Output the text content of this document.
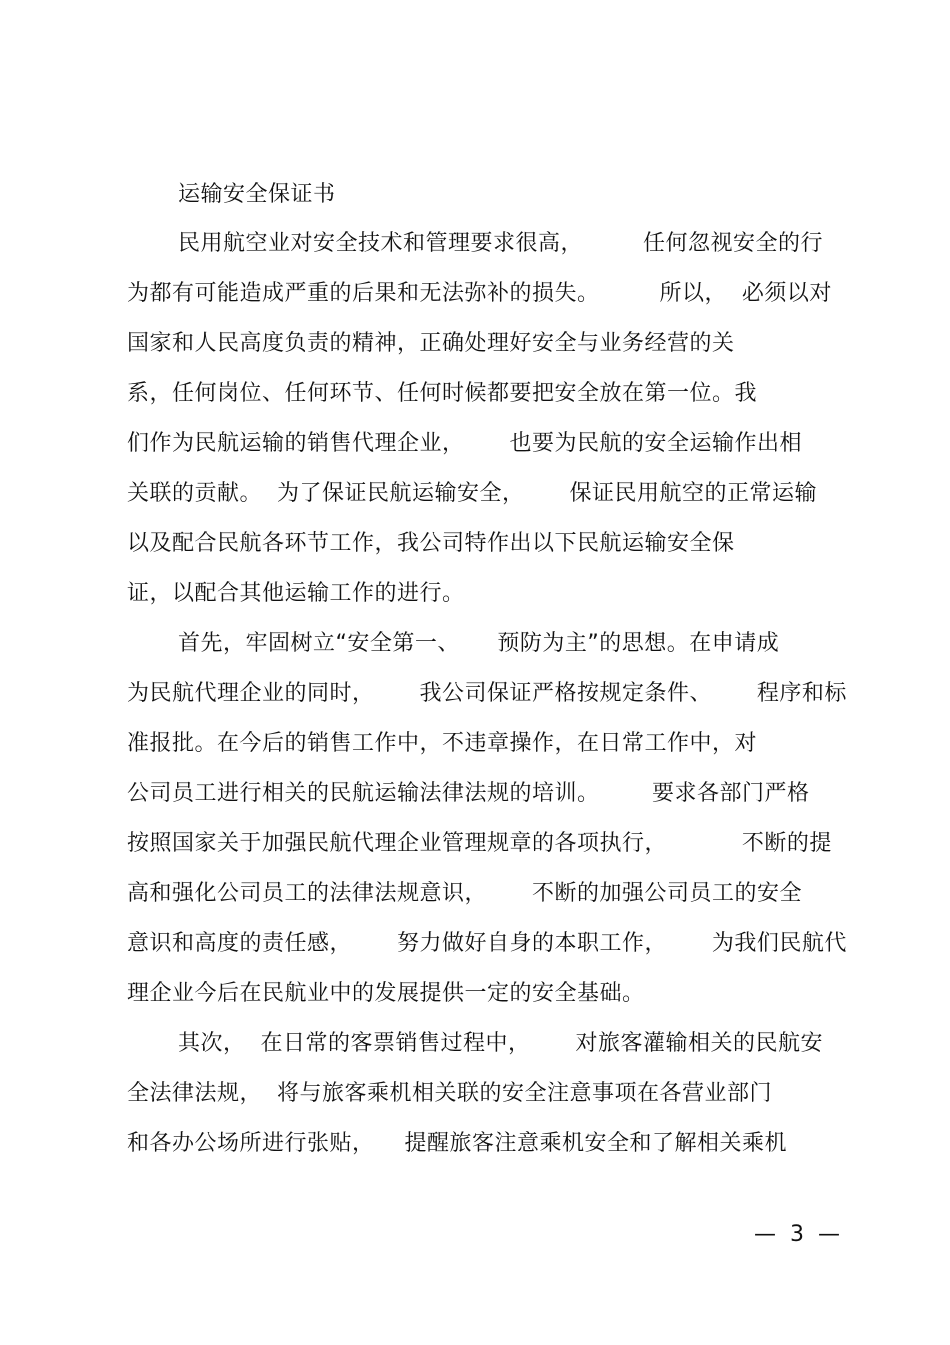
运输安全保证书
民用航空业对安全技术和管理要求很高，        任何忽视安全的行
为都有可能造成严重的后果和无法弥补的损失。        所以，  必须以对
国家和人民高度负责的精神，正确处理好安全与业务经营的关
系，任何岗位、任何环节、任何时候都要把安全放在第一位。我
们作为民航运输的销售代理企业，      也要为民航的安全运输作出相
关联的贡献。  为了保证民航运输安全，      保证民用航空的正常运输
以及配合民航各环节工作，我公司特作出以下民航运输安全保
证，以配合其他运输工作的进行。
首先，牢固树立“安全第一、     预防为主”的思想。在申请成
为民航代理企业的同时，      我公司保证严格按规定条件、      程序和标
准报批。在今后的销售工作中，不违章操作，在日常工作中，对
公司员工进行相关的民航运输法律法规的培训。       要求各部门严格
按照国家关于加强民航代理企业管理规章的各项执行，          不断的提
高和强化公司员工的法律法规意识，      不断的加强公司员工的安全
意识和高度的责任感，      努力做好自身的本职工作，      为我们民航代
理企业今后在民航业中的发展提供一定的安全基础。
其次，  在日常的客票销售过程中，      对旅客灌输相关的民航安
全法律法规，  将与旅客乘机相关联的安全注意事项在各营业部门
和各办公场所进行张贴，    提醒旅客注意乘机安全和了解相关乘机
—  3  —
